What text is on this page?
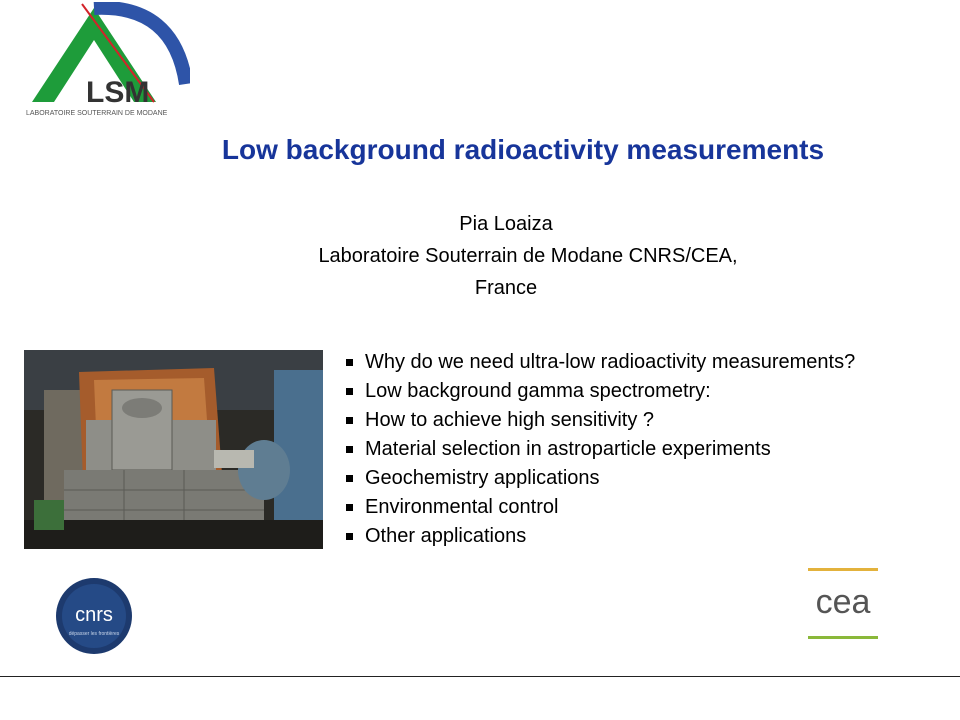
LSM
LABORATOIRE SOUTERRAIN DE MODANE
Low background radioactivity measurements
Pia Loaiza
Laboratoire Souterrain de Modane CNRS/CEA,
France
Why do we need ultra-low radioactivity measurements?
Low background gamma spectrometry:
How to achieve high sensitivity ?
Material selection in astroparticle experiments
Geochemistry applications
Environmental control
Other applications
cnrs
dépasser les frontières
cea
